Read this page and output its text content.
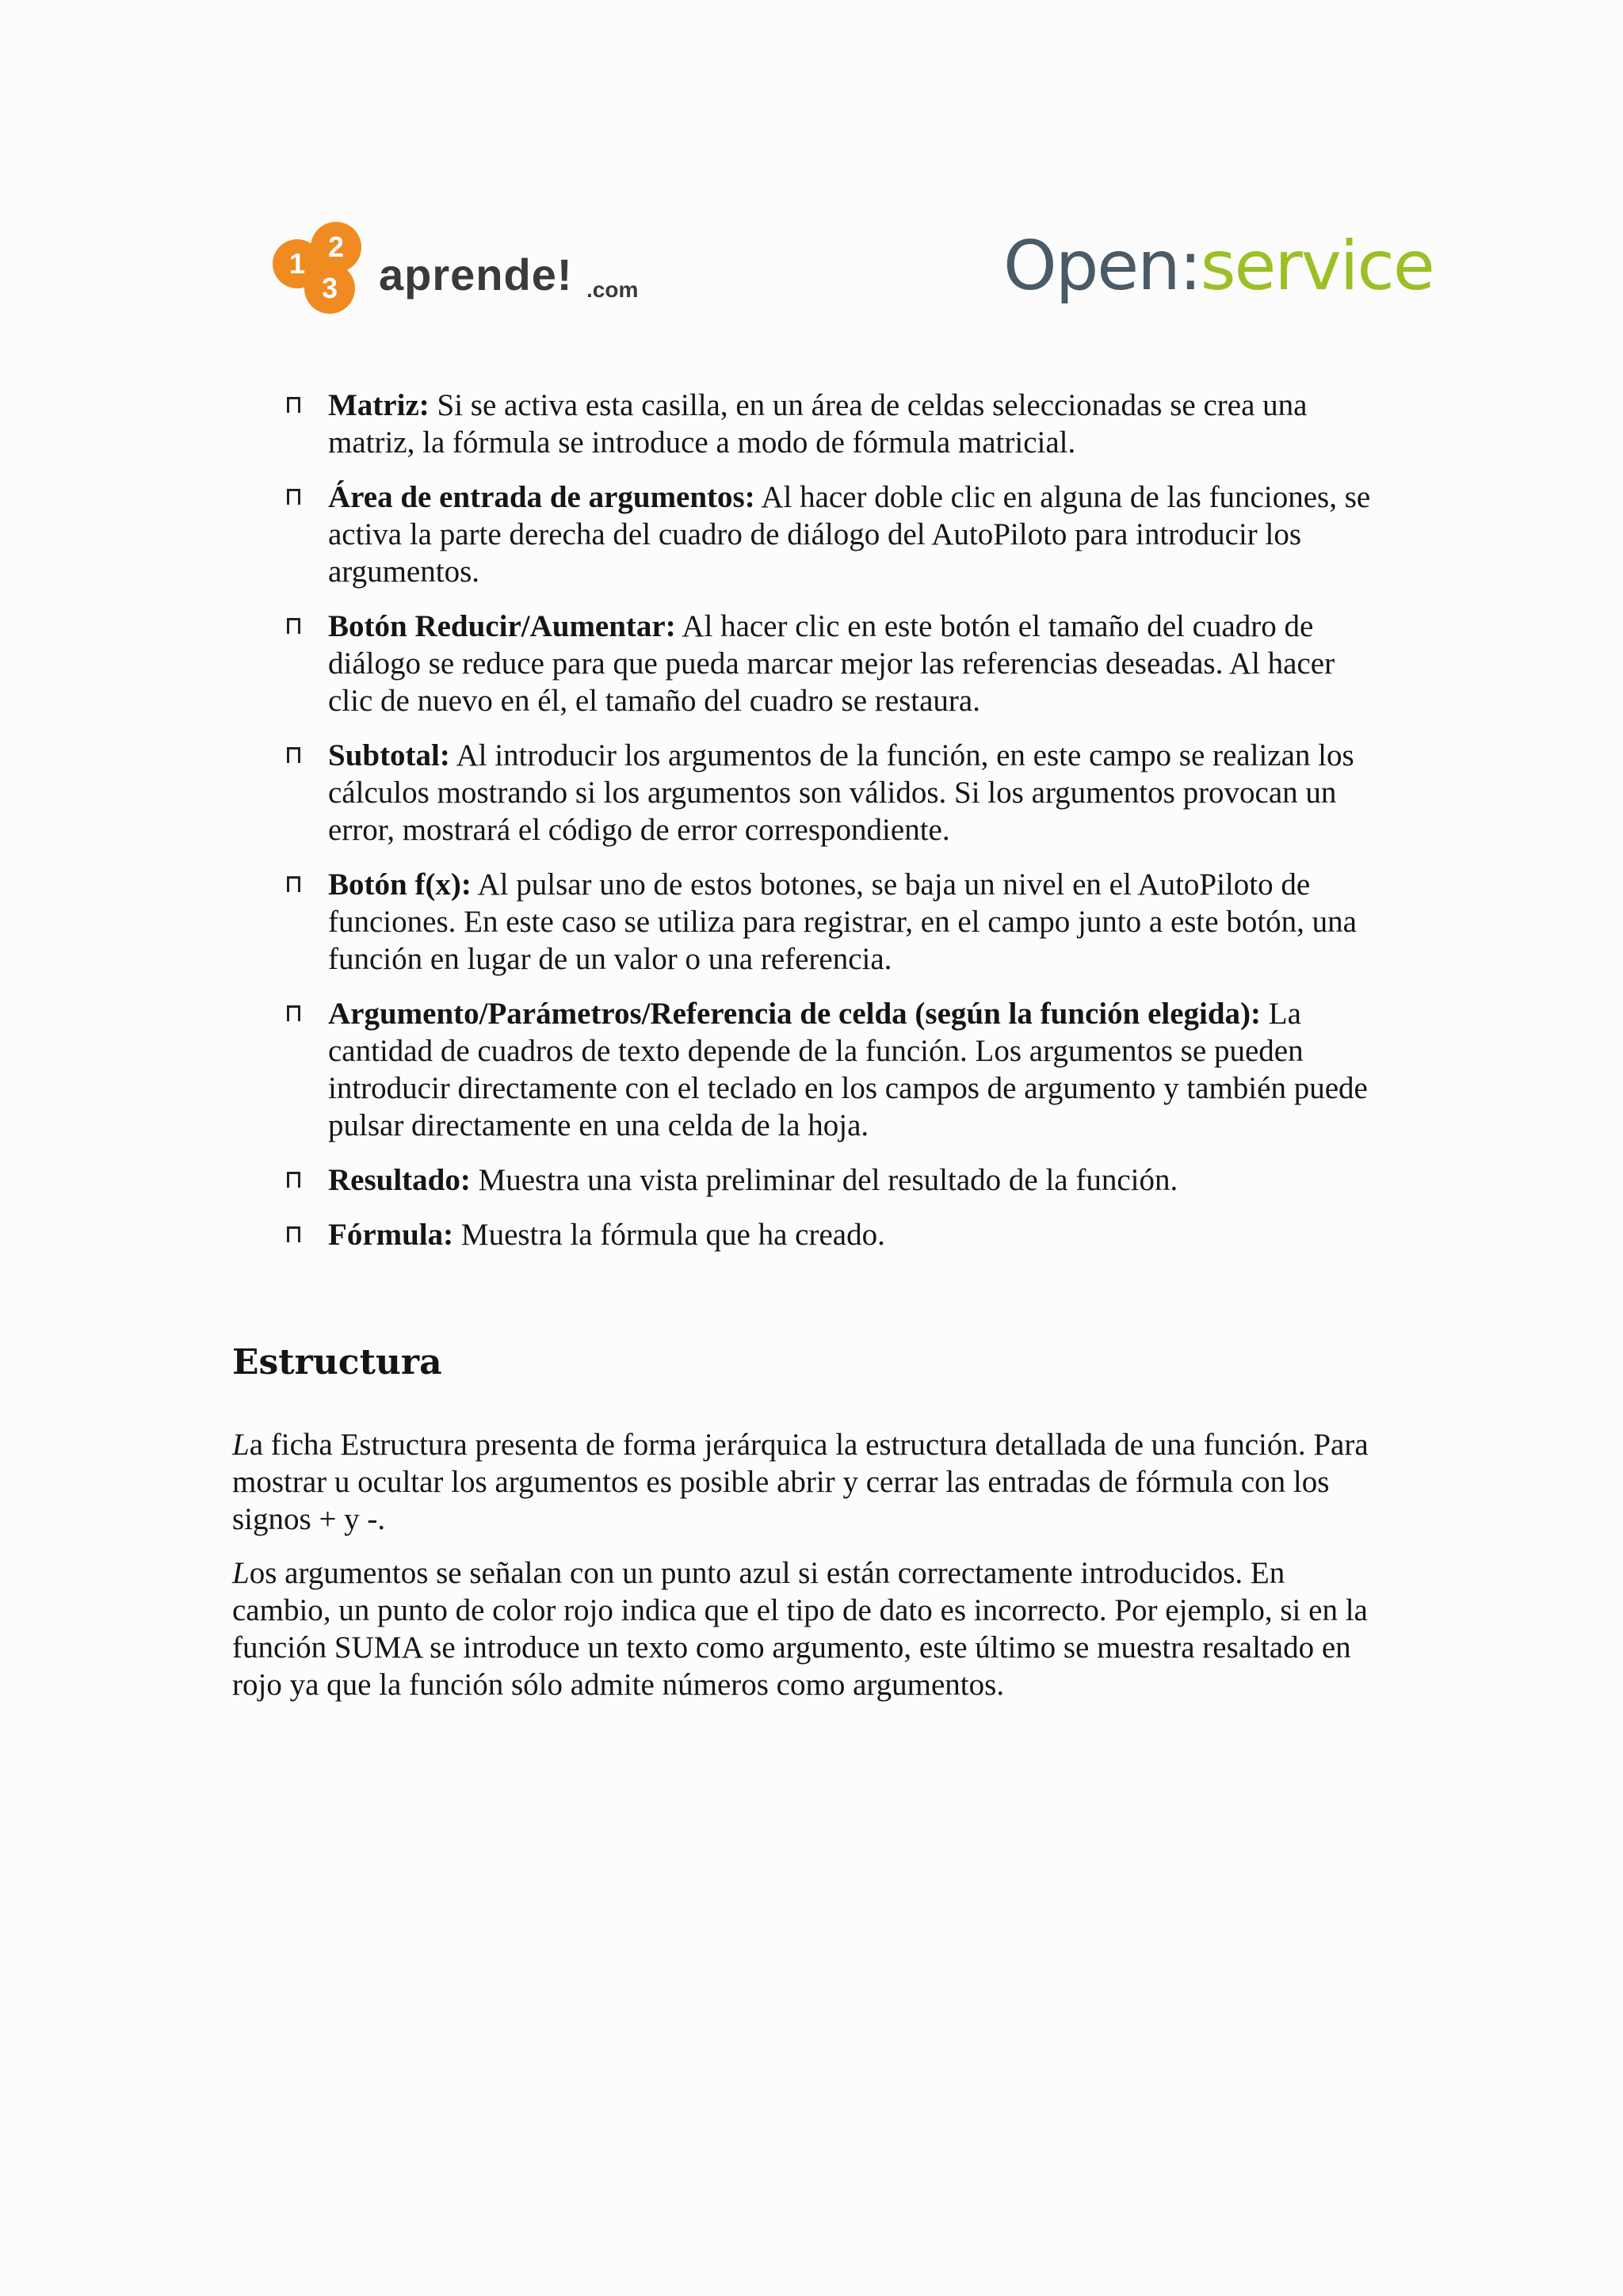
1
2
3 aprende! .com	Open:service
Matriz: Si se activa esta casilla, en un área de celdas seleccionadas se crea una matriz, la fórmula se introduce a modo de fórmula matricial.
Área de entrada de argumentos: Al hacer doble clic en alguna de las funciones, se activa la parte derecha del cuadro de diálogo del AutoPiloto para introducir los argumentos.
Botón Reducir/Aumentar: Al hacer clic en este botón el tamaño del cuadro de diálogo se reduce para que pueda marcar mejor las referencias deseadas. Al hacer clic de nuevo en él, el tamaño del cuadro se restaura.
Subtotal: Al introducir los argumentos de la función, en este campo se realizan los cálculos mostrando si los argumentos son válidos. Si los argumentos provocan un error, mostrará el código de error correspondiente.
Botón f(x): Al pulsar uno de estos botones, se baja un nivel en el AutoPiloto de funciones. En este caso se utiliza para registrar, en el campo junto a este botón, una función en lugar de un valor o una referencia.
Argumento/Parámetros/Referencia de celda (según la función elegida): La cantidad de cuadros de texto depende de la función. Los argumentos se pueden introducir directamente con el teclado en los campos de argumento y también puede pulsar directamente en una celda de la hoja.
Resultado: Muestra una vista preliminar del resultado de la función.
Fórmula: Muestra la fórmula que ha creado.
Estructura

La ficha Estructura presenta de forma jerárquica la estructura detallada de una función. Para mostrar u ocultar los argumentos es posible abrir y cerrar las entradas de fórmula con los signos + y -.

Los argumentos se señalan con un punto azul si están correctamente introducidos. En cambio, un punto de color rojo indica que el tipo de dato es incorrecto. Por ejemplo, si en la función SUMA se introduce un texto como argumento, este último se muestra resaltado en rojo ya que la función sólo admite números como argumentos.
